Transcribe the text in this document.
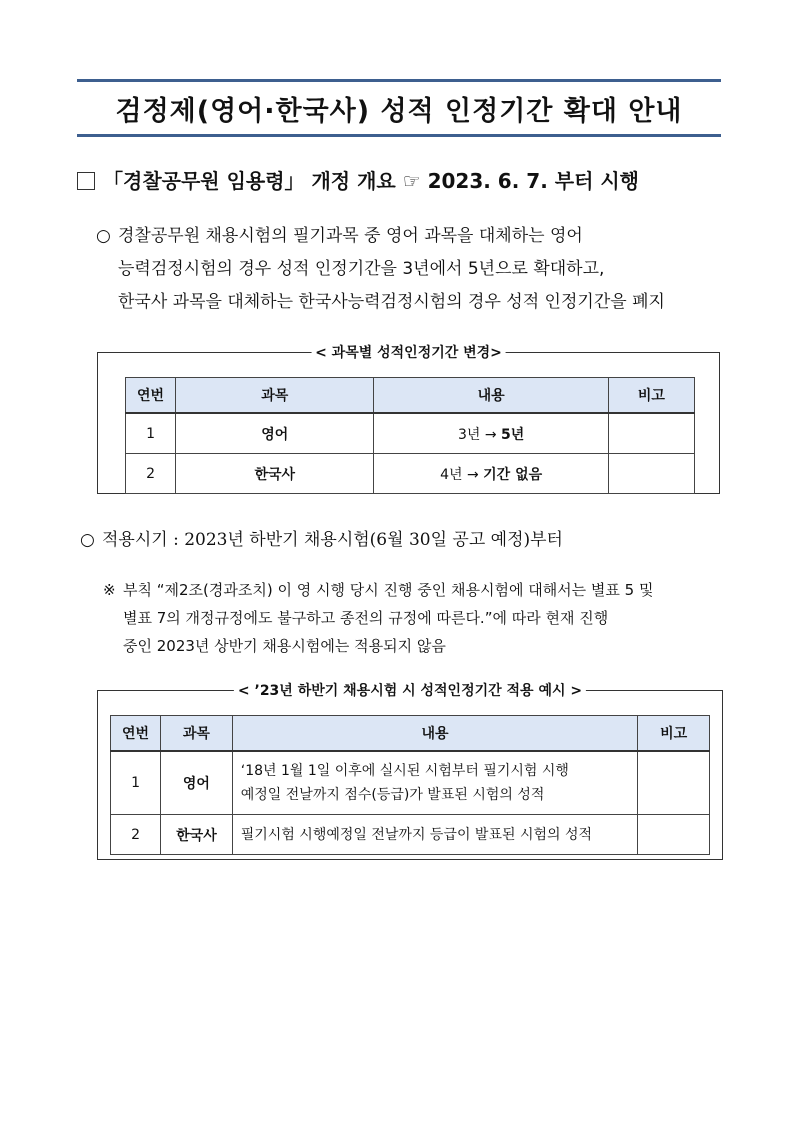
검정제(영어·한국사) 성적 인정기간 확대 안내
「경찰공무원 임용령」 개정 개요 ☞ 2023. 6. 7. 부터 시행
○ 경찰공무원 채용시험의 필기과목 중 영어 과목을 대체하는 영어
능력검정시험의 경우 성적 인정기간을 3년에서 5년으로 확대하고,
한국사 과목을 대체하는 한국사능력검정시험의 경우 성적 인정기간을 폐지
< 과목별 성적인정기간 변경>
연번	과목	내용	비고
1	영어	3년 → 5년	
2	한국사	4년 → 기간 없음	
○ 적용시기 : 2023년 하반기 채용시험(6월 30일 공고 예정)부터
※ 부칙 “제2조(경과조치) 이 영 시행 당시 진행 중인 채용시험에 대해서는 별표 5 및
별표 7의 개정규정에도 불구하고 종전의 규정에 따른다.”에 따라 현재 진행
중인 2023년 상반기 채용시험에는 적용되지 않음
< ’23년 하반기 채용시험 시 성적인정기간 적용 예시 >
연번	과목	내용	비고
1	영어	‘18년 1월 1일 이후에 실시된 시험부터 필기시험 시행
예정일 전날까지 점수(등급)가 발표된 시험의 성적	

2	한국사	필기시험 시행예정일 전날까지 등급이 발표된 시험의 성적	
